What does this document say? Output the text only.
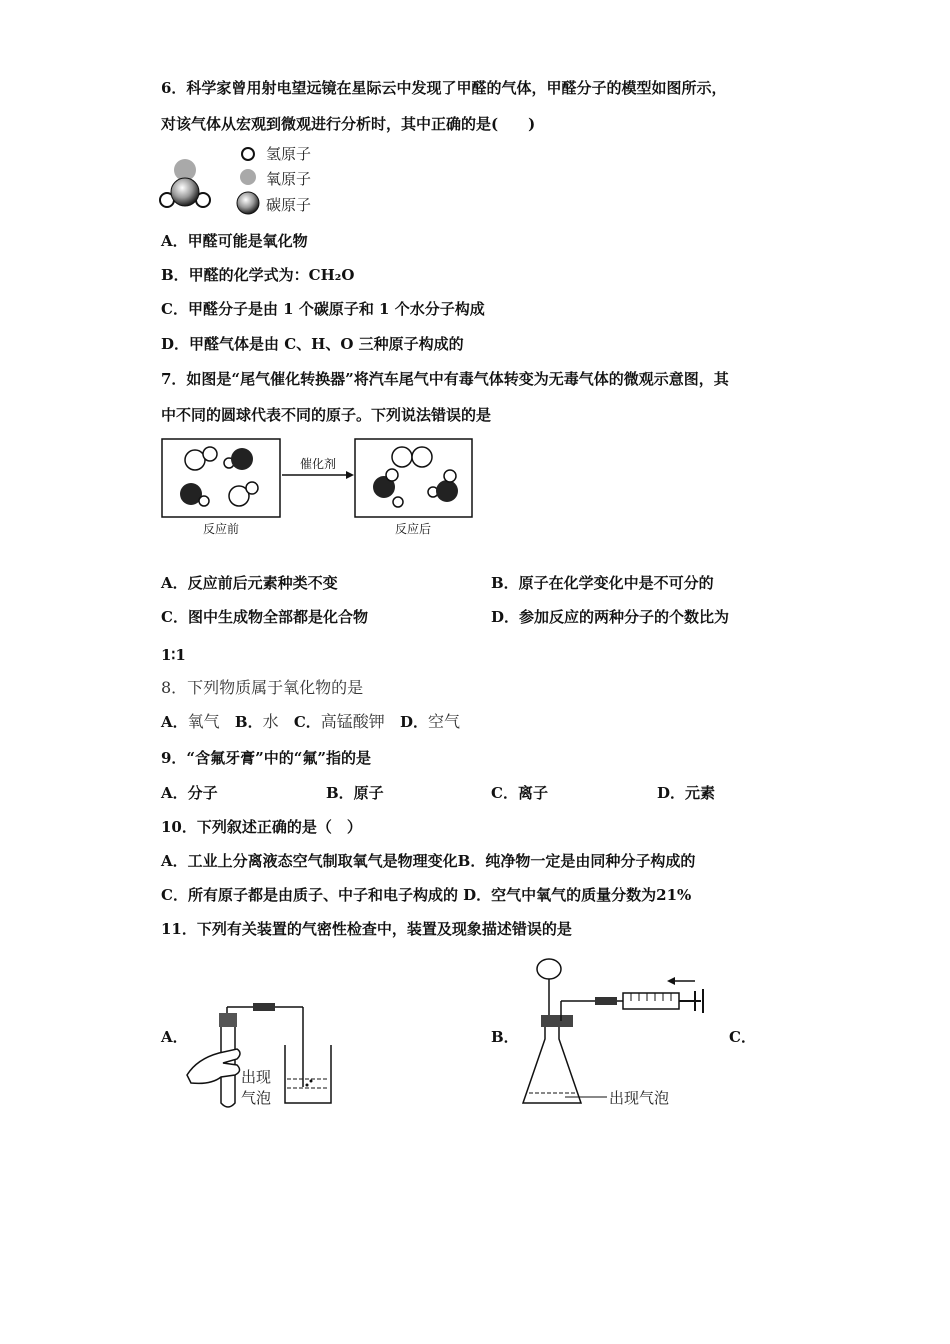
6．科学家曾用射电望远镜在星际云中发现了甲醛的气体，甲醛分子的模型如图所示，
对该气体从宏观到微观进行分析时，其中正确的是(　　)
氢原子
氧原子
碳原子
A．甲醛可能是氧化物
B．甲醛的化学式为：CH₂O
C．甲醛分子是由 1 个碳原子和 1 个水分子构成
D．甲醛气体是由 C、H、O 三种原子构成的
7．如图是“尾气催化转换器”将汽车尾气中有毒气体转变为无毒气体的微观示意图，其
中不同的圆球代表不同的原子。下列说法错误的是
催化剂
反应前	反应后
A．反应前后元素种类不变	B．原子在化学变化中是不可分的
C．图中生成物全部都是化合物	D．参加反应的两种分子的个数比为
1∶1
8．下列物质属于氧化物的是
A．氧气 B．水 C．高锰酸钾 D．空气
9．“含氟牙膏”中的“氟”指的是
A．分子	B．原子	C．离子	D．元素
10．下列叙述正确的是（　）
A．工业上分离液态空气制取氧气是物理变化B．纯净物一定是由同种分子构成的
C．所有原子都是由质子、中子和电子构成的 D．空气中氧气的质量分数为21%
11．下列有关装置的气密性检查中，装置及现象描述错误的是
A．	B．	C．
出现
气泡	出现气泡
